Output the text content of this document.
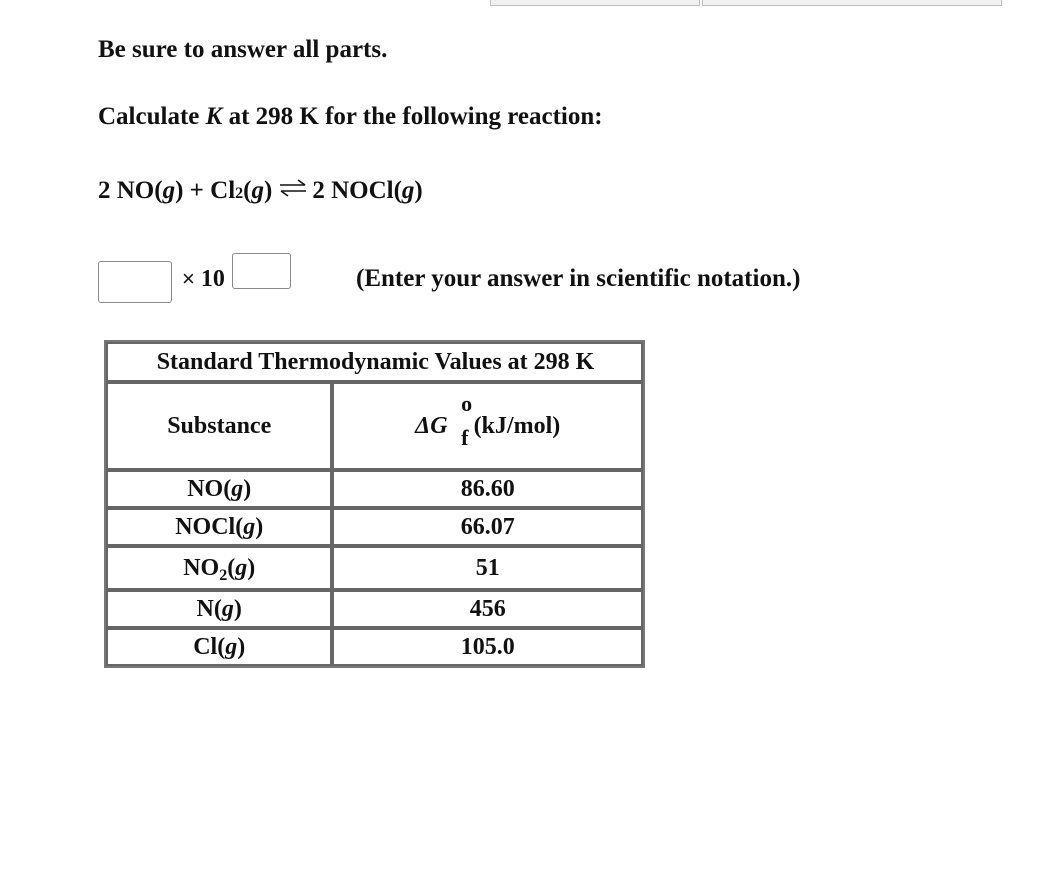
Be sure to answer all parts.

Calculate K at 298 K for the following reaction:

2 NO( g ) + Cl 2 ( g ) ⇌ 2 NOCl( g )
× 10	(Enter your answer in scientific notation.)
Standard Thermodynamic Values at 298 K	
Substance	ΔG
o
f (kJ/mol)
NO(g)	86.60
NOCl(g)	66.07
$NO_2(g)$	51
N(g)	456
Cl(g)	105.0
